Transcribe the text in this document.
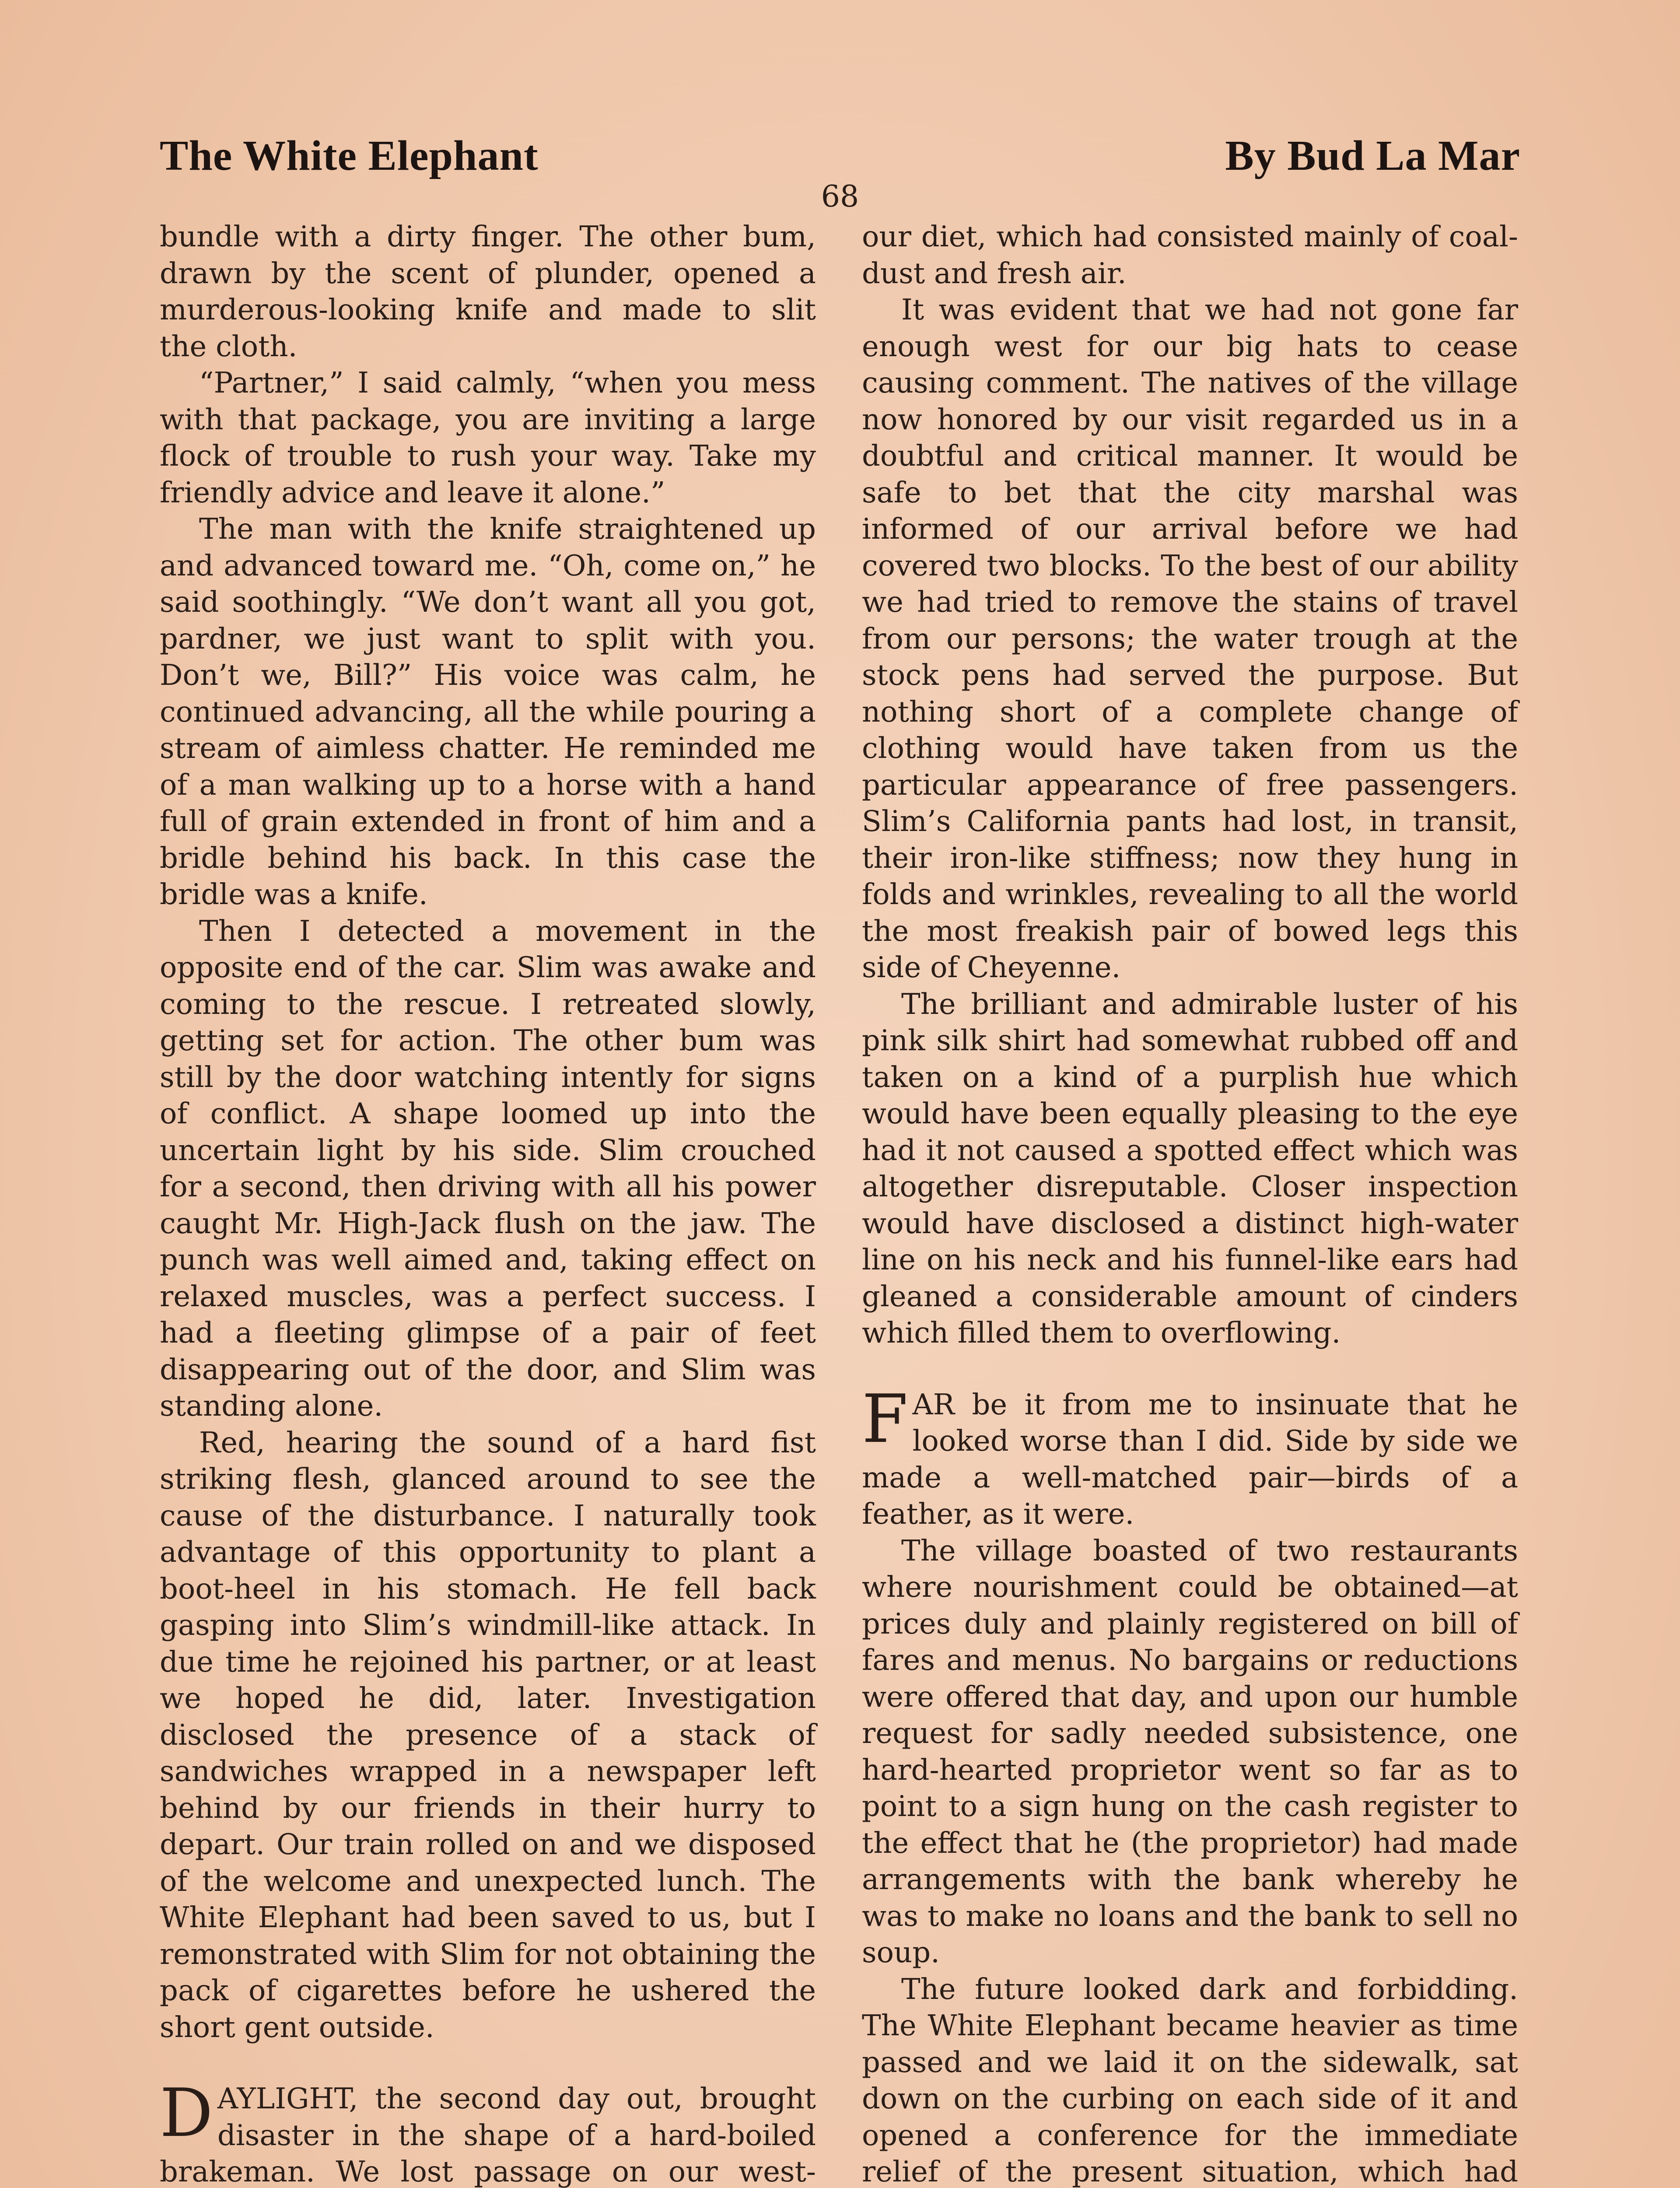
The White Elephant	By Bud La Mar
68

bundle with a dirty finger. The other bum, drawn by the scent of plunder, opened a murderous-looking knife and made to slit the cloth.

“Partner,” I said calmly, “when you mess with that package, you are inviting a large flock of trouble to rush your way. Take my friendly advice and leave it alone.”

The man with the knife straightened up and advanced toward me. “Oh, come on,” he said soothingly. “We don’t want all you got, pardner, we just want to split with you. Don’t we, Bill?” His voice was calm, he continued advancing, all the while pouring a stream of aimless chatter. He reminded me of a man walking up to a horse with a hand full of grain extended in front of him and a bridle behind his back. In this case the bridle was a knife.

Then I detected a movement in the opposite end of the car. Slim was awake and coming to the rescue. I retreated slowly, getting set for action. The other bum was still by the door watching intently for signs of conflict. A shape loomed up into the uncertain light by his side. Slim crouched for a second, then driving with all his power caught Mr. High-Jack flush on the jaw. The punch was well aimed and, taking effect on relaxed muscles, was a perfect success. I had a fleeting glimpse of a pair of feet disappearing out of the door, and Slim was standing alone.

Red, hearing the sound of a hard fist striking flesh, glanced around to see the cause of the disturbance. I naturally took advantage of this opportunity to plant a boot-heel in his stomach. He fell back gasping into Slim’s windmill-like attack. In due time he rejoined his partner, or at least we hoped he did, later. Investigation disclosed the presence of a stack of sandwiches wrapped in a newspaper left behind by our friends in their hurry to depart. Our train rolled on and we disposed of the welcome and unexpected lunch. The White Elephant had been saved to us, but I remonstrated with Slim for not obtaining the pack of cigarettes before he ushered the short gent outside.

DAYLIGHT, the second day out, brought disaster in the shape of a hard-boiled brakeman. We lost passage on our west-

our diet, which had consisted mainly of coal-dust and fresh air.

It was evident that we had not gone far enough west for our big hats to cease causing comment. The natives of the village now honored by our visit regarded us in a doubtful and critical manner. It would be safe to bet that the city marshal was informed of our arrival before we had covered two blocks. To the best of our ability we had tried to remove the stains of travel from our persons; the water trough at the stock pens had served the purpose. But nothing short of a complete change of clothing would have taken from us the particular appearance of free passengers. Slim’s California pants had lost, in transit, their iron-like stiffness; now they hung in folds and wrinkles, revealing to all the world the most freakish pair of bowed legs this side of Cheyenne.

The brilliant and admirable luster of his pink silk shirt had somewhat rubbed off and taken on a kind of a purplish hue which would have been equally pleasing to the eye had it not caused a spotted effect which was altogether disreputable. Closer inspection would have disclosed a distinct high-water line on his neck and his funnel-like ears had gleaned a considerable amount of cinders which filled them to overflowing.

FAR be it from me to insinuate that he looked worse than I did. Side by side we made a well-matched pair—birds of a feather, as it were.

The village boasted of two restaurants where nourishment could be obtained—at prices duly and plainly registered on bill of fares and menus. No bargains or reductions were offered that day, and upon our humble request for sadly needed subsistence, one hard-hearted proprietor went so far as to point to a sign hung on the cash register to the effect that he (the proprietor) had made arrangements with the bank whereby he was to make no loans and the bank to sell no soup.

The future looked dark and forbidding. The White Elephant became heavier as time passed and we laid it on the sidewalk, sat down on the curbing on each side of it and opened a conference for the immediate relief of the present situation, which had
